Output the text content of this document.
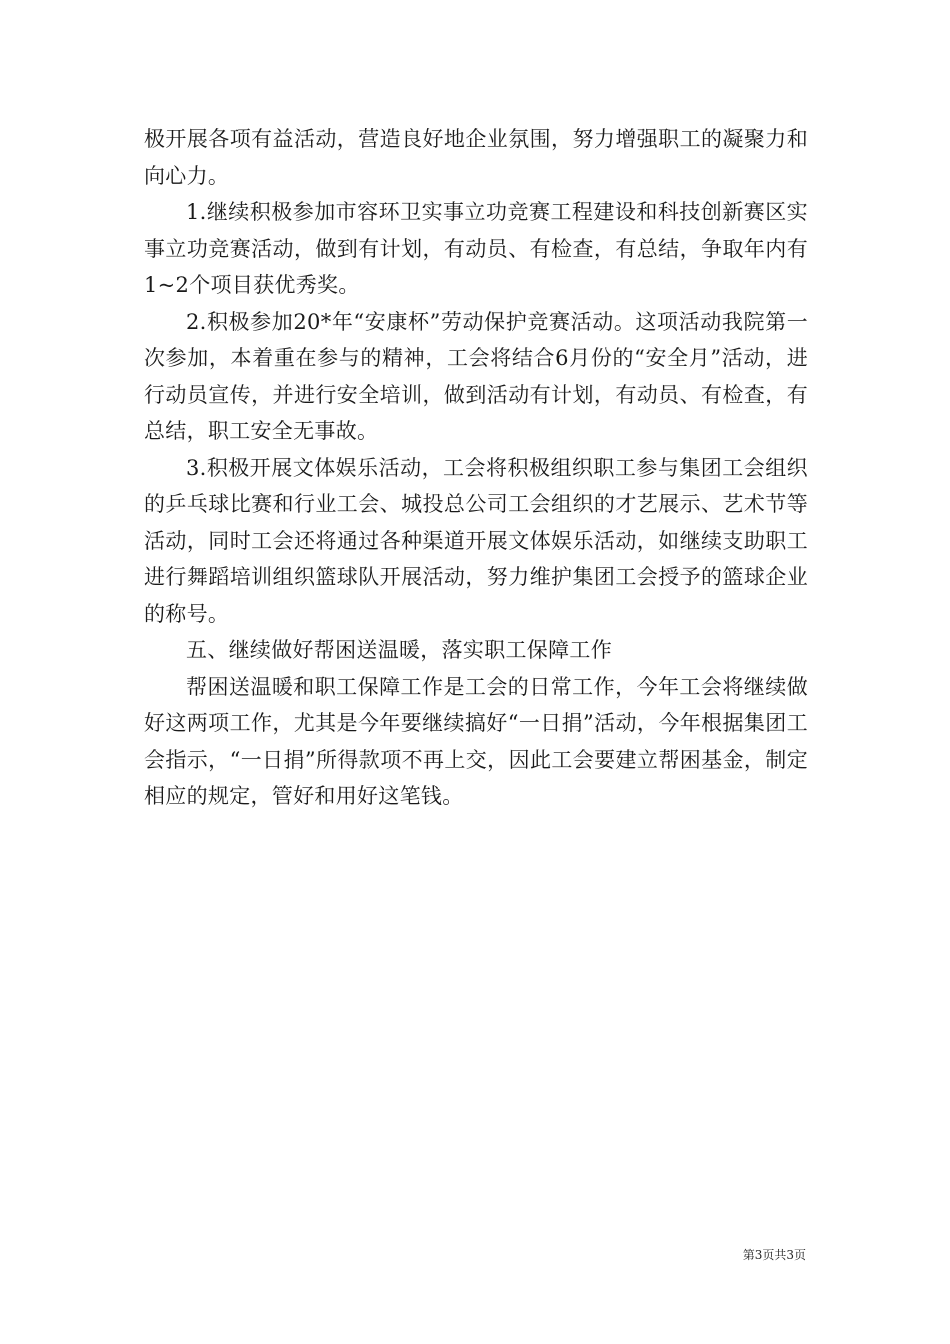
极开展各项有益活动，营造良好地企业氛围，努力增强职工的凝聚力和向心力。

1.继续积极参加市容环卫实事立功竞赛工程建设和科技创新赛区实事立功竞赛活动，做到有计划，有动员、有检查，有总结，争取年内有1~2个项目获优秀奖。

2.积极参加20*年“安康杯”劳动保护竞赛活动。这项活动我院第一次参加，本着重在参与的精神，工会将结合6月份的“安全月”活动，进行动员宣传，并进行安全培训，做到活动有计划，有动员、有检查，有总结，职工安全无事故。

3.积极开展文体娱乐活动，工会将积极组织职工参与集团工会组织的乒乓球比赛和行业工会、城投总公司工会组织的才艺展示、艺术节等活动，同时工会还将通过各种渠道开展文体娱乐活动，如继续支助职工进行舞蹈培训组织篮球队开展活动，努力维护集团工会授予的篮球企业的称号。

五、继续做好帮困送温暖，落实职工保障工作

帮困送温暖和职工保障工作是工会的日常工作，今年工会将继续做好这两项工作，尤其是今年要继续搞好“一日捐”活动，今年根据集团工会指示，“一日捐”所得款项不再上交，因此工会要建立帮困基金，制定相应的规定，管好和用好这笔钱。

第3页共3页
